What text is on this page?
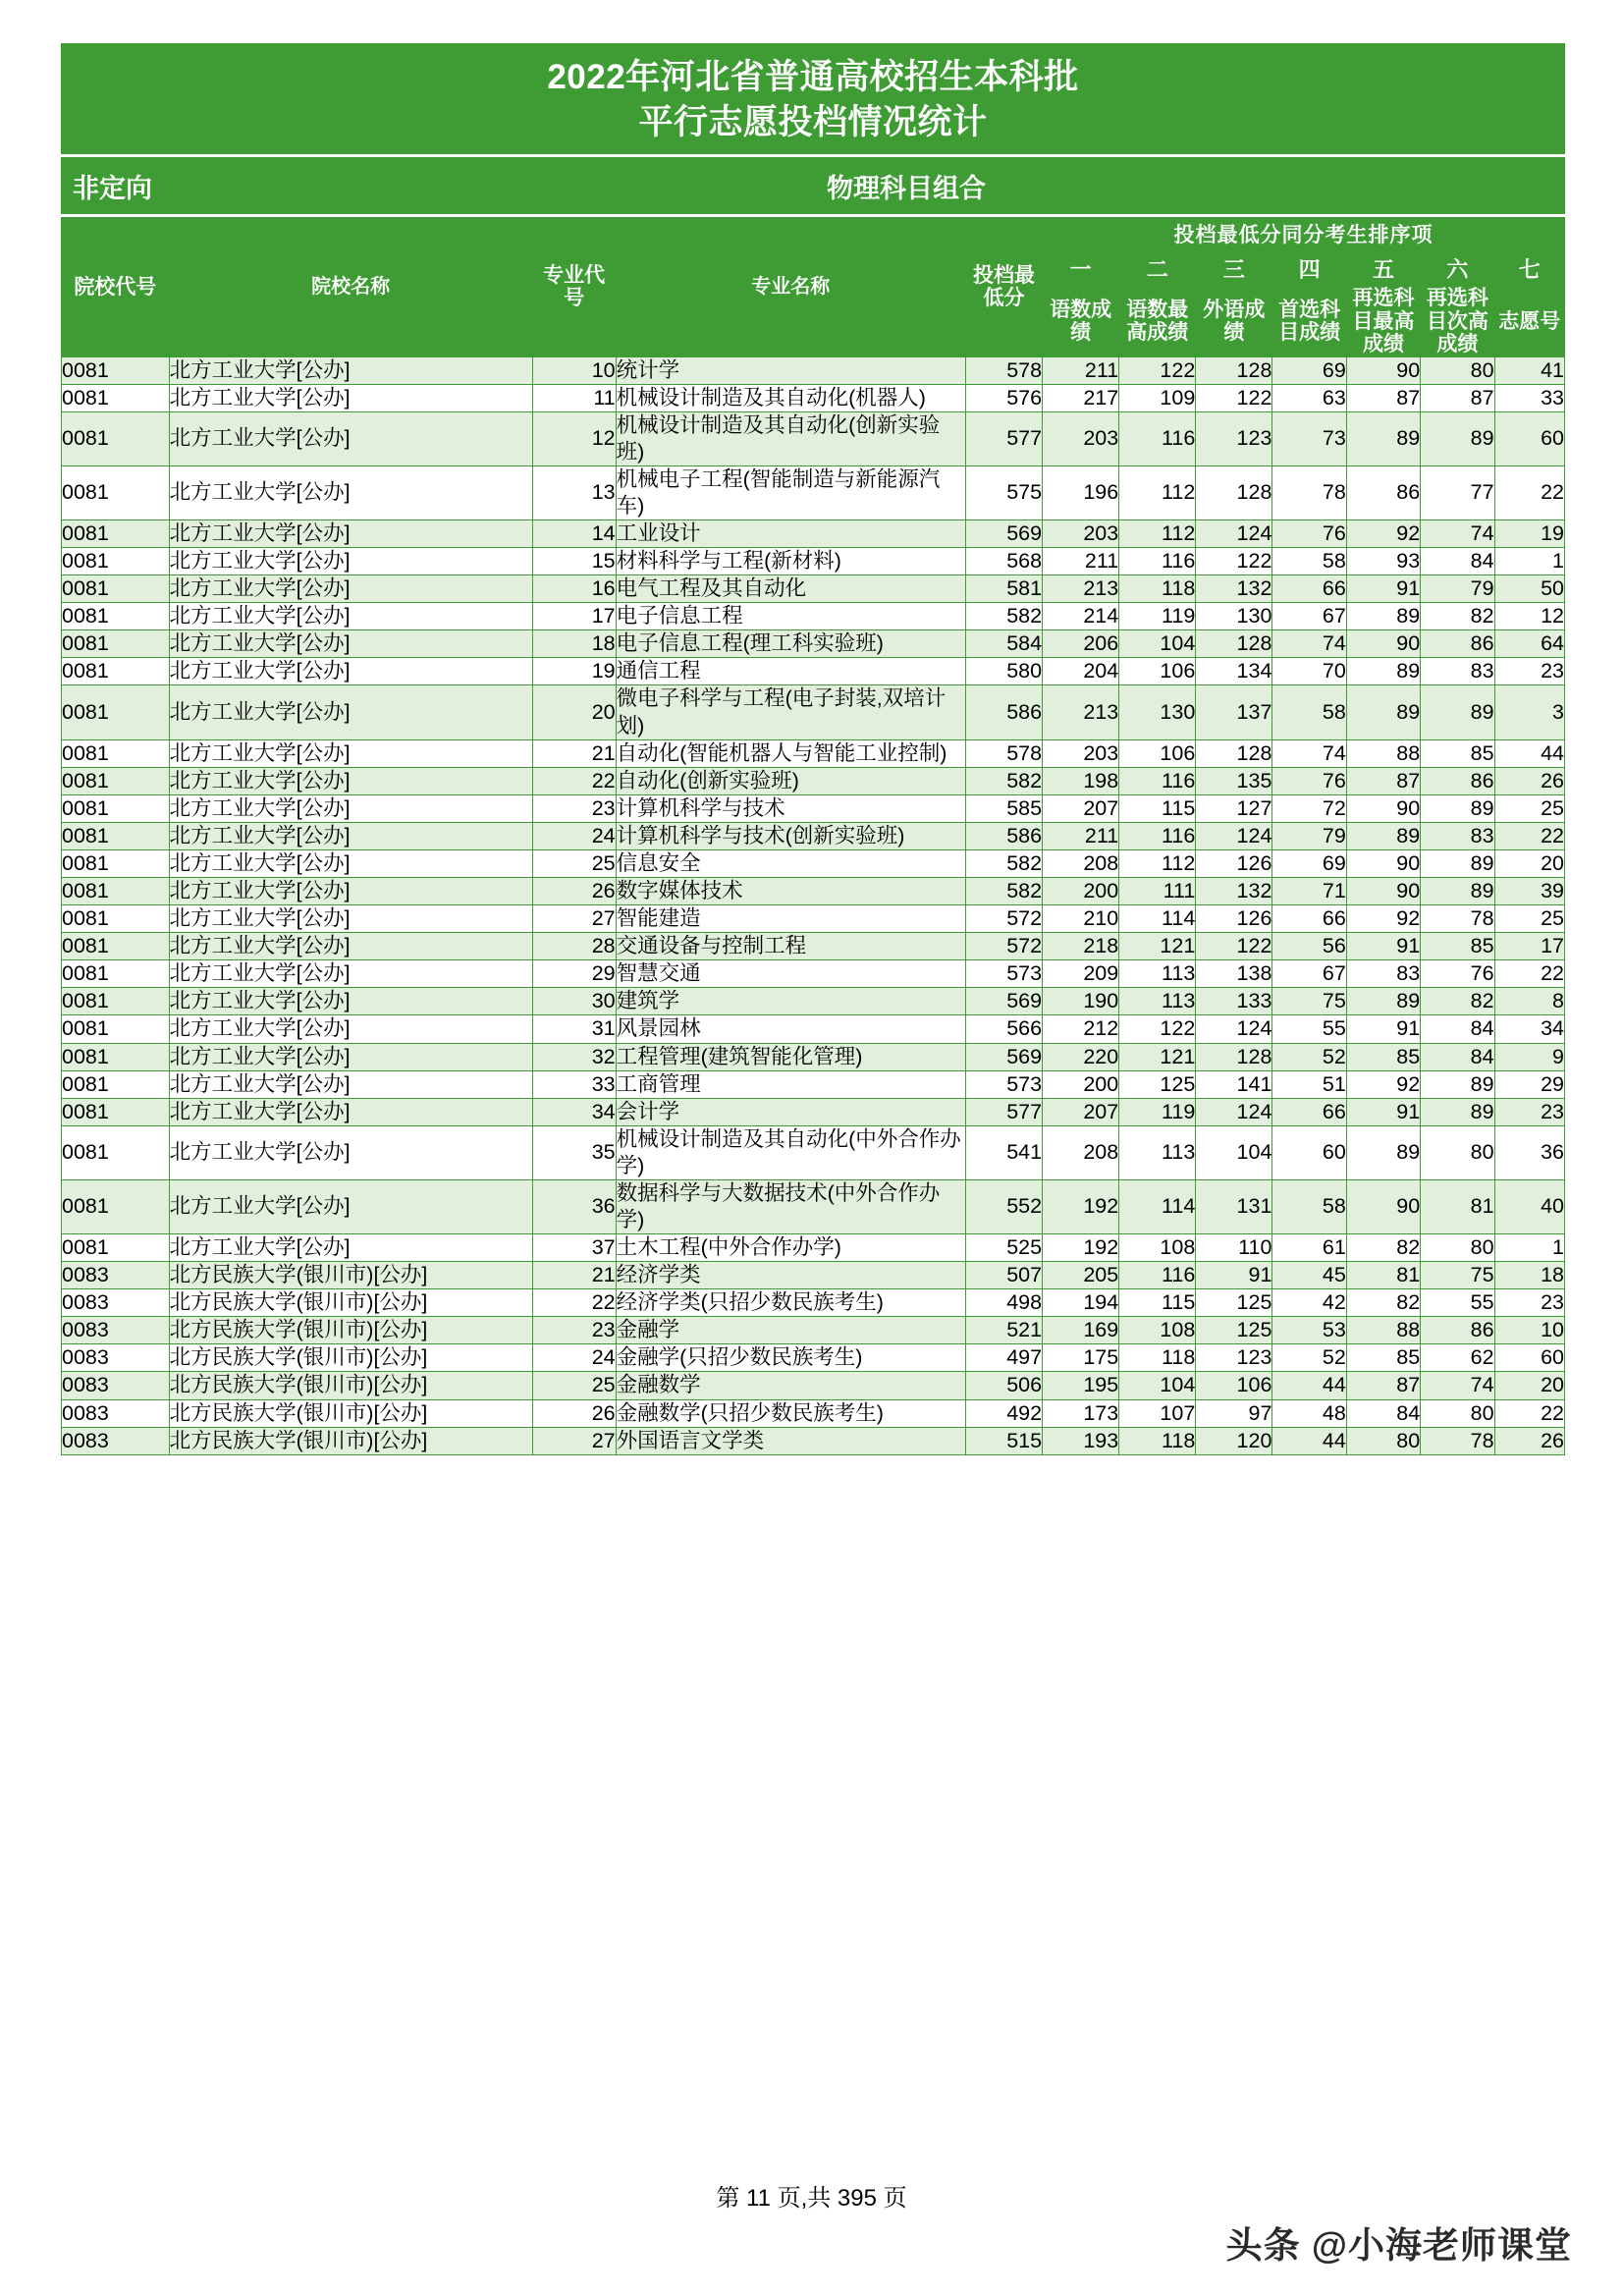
2022年河北省普通高校招生本科批
平行志愿投档情况统计
非定向	物理科目组合
院校代号	院校名称	专业代号	专业名称	投档最低分	投档最低分同分考生排序项						
					一	二	三	四	五	六	七
					语数成绩	语数最高成绩	外语成绩	首选科目成绩	再选科目最高成绩	再选科目次高成绩	志愿号
0081	北方工业大学[公办]	10	统计学	578	211	122	128	69	90	80	41
0081	北方工业大学[公办]	11	机械设计制造及其自动化(机器人)	576	217	109	122	63	87	87	33
0081	北方工业大学[公办]	12	机械设计制造及其自动化(创新实验班)	577	203	116	123	73	89	89	60
0081	北方工业大学[公办]	13	机械电子工程(智能制造与新能源汽车)	575	196	112	128	78	86	77	22
0081	北方工业大学[公办]	14	工业设计	569	203	112	124	76	92	74	19
0081	北方工业大学[公办]	15	材料科学与工程(新材料)	568	211	116	122	58	93	84	1
0081	北方工业大学[公办]	16	电气工程及其自动化	581	213	118	132	66	91	79	50
0081	北方工业大学[公办]	17	电子信息工程	582	214	119	130	67	89	82	12
0081	北方工业大学[公办]	18	电子信息工程(理工科实验班)	584	206	104	128	74	90	86	64
0081	北方工业大学[公办]	19	通信工程	580	204	106	134	70	89	83	23
0081	北方工业大学[公办]	20	微电子科学与工程(电子封装,双培计划)	586	213	130	137	58	89	89	3
0081	北方工业大学[公办]	21	自动化(智能机器人与智能工业控制)	578	203	106	128	74	88	85	44
0081	北方工业大学[公办]	22	自动化(创新实验班)	582	198	116	135	76	87	86	26
0081	北方工业大学[公办]	23	计算机科学与技术	585	207	115	127	72	90	89	25
0081	北方工业大学[公办]	24	计算机科学与技术(创新实验班)	586	211	116	124	79	89	83	22
0081	北方工业大学[公办]	25	信息安全	582	208	112	126	69	90	89	20
0081	北方工业大学[公办]	26	数字媒体技术	582	200	111	132	71	90	89	39
0081	北方工业大学[公办]	27	智能建造	572	210	114	126	66	92	78	25
0081	北方工业大学[公办]	28	交通设备与控制工程	572	218	121	122	56	91	85	17
0081	北方工业大学[公办]	29	智慧交通	573	209	113	138	67	83	76	22
0081	北方工业大学[公办]	30	建筑学	569	190	113	133	75	89	82	8
0081	北方工业大学[公办]	31	风景园林	566	212	122	124	55	91	84	34
0081	北方工业大学[公办]	32	工程管理(建筑智能化管理)	569	220	121	128	52	85	84	9
0081	北方工业大学[公办]	33	工商管理	573	200	125	141	51	92	89	29
0081	北方工业大学[公办]	34	会计学	577	207	119	124	66	91	89	23
0081	北方工业大学[公办]	35	机械设计制造及其自动化(中外合作办学)	541	208	113	104	60	89	80	36
0081	北方工业大学[公办]	36	数据科学与大数据技术(中外合作办学)	552	192	114	131	58	90	81	40
0081	北方工业大学[公办]	37	土木工程(中外合作办学)	525	192	108	110	61	82	80	1
0083	北方民族大学(银川市)[公办]	21	经济学类	507	205	116	91	45	81	75	18
0083	北方民族大学(银川市)[公办]	22	经济学类(只招少数民族考生)	498	194	115	125	42	82	55	23
0083	北方民族大学(银川市)[公办]	23	金融学	521	169	108	125	53	88	86	10
0083	北方民族大学(银川市)[公办]	24	金融学(只招少数民族考生)	497	175	118	123	52	85	62	60
0083	北方民族大学(银川市)[公办]	25	金融数学	506	195	104	106	44	87	74	20
0083	北方民族大学(银川市)[公办]	26	金融数学(只招少数民族考生)	492	173	107	97	48	84	80	22
0083	北方民族大学(银川市)[公办]	27	外国语言文学类	515	193	118	120	44	80	78	26
第 11 页,共 395 页
头条 @小海老师课堂
